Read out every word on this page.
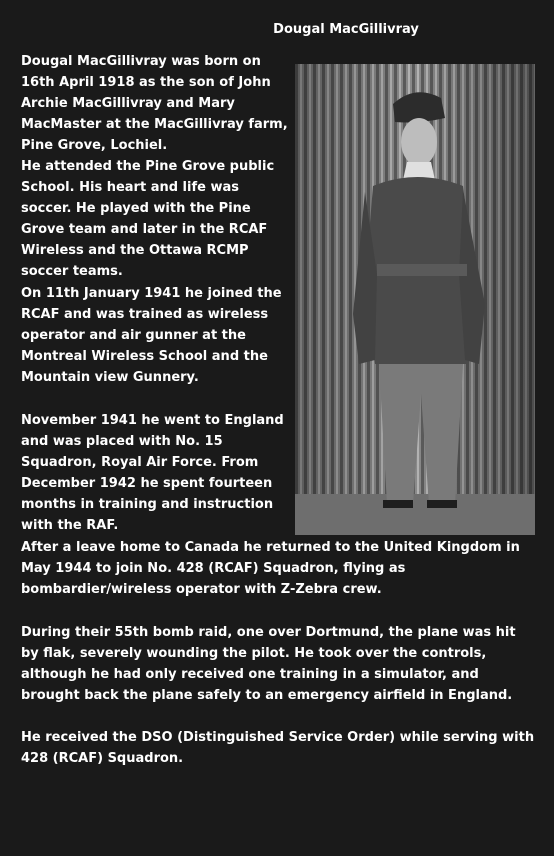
Dougal MacGillivray

Dougal MacGillivray was born on 16th April 1918 as the son of John Archie MacGillivray and Mary MacMaster at the MacGillivray farm, Pine Grove, Lochiel.

He attended the Pine Grove public School. His heart and life was soccer. He played with the Pine Grove team and later in the RCAF Wireless and the Ottawa RCMP soccer teams.

On 11th January 1941 he joined the RCAF and was trained as wireless operator and air gunner at the Montreal Wireless School and the Mountain view Gunnery.

November 1941 he went to England and was placed with No. 15 Squadron, Royal Air Force. From December 1942 he spent fourteen months in training and instruction with the RAF.

After a leave home to Canada he returned to the United Kingdom in May 1944 to join No. 428 (RCAF) Squadron, flying as bombardier/wireless operator with Z-Zebra crew.

During their 55th bomb raid, one over Dortmund, the plane was hit by flak, severely wounding the pilot. He took over the controls, although he had only received one training in a simulator, and brought back the plane safely to an emergency airfield in England.

He received the DSO (Distinguished Service Order) while serving with 428 (RCAF) Squadron.
